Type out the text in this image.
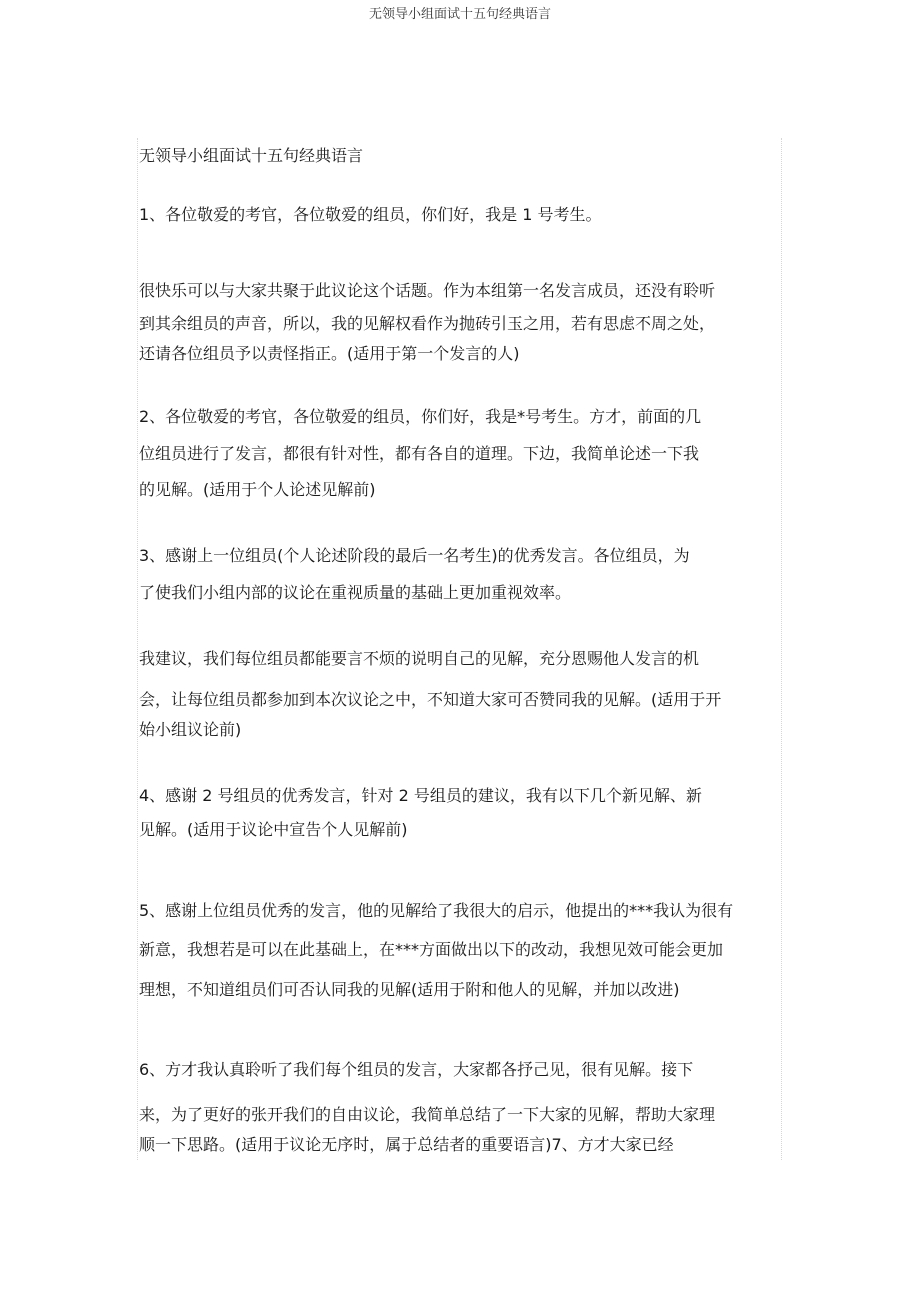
无领导小组面试十五句经典语言
无领导小组面试十五句经典语言
1、各位敬爱的考官，各位敬爱的组员，你们好，我是 1 号考生。
很快乐可以与大家共聚于此议论这个话题。作为本组第一名发言成员，还没有聆听
到其余组员的声音，所以，我的见解权看作为抛砖引玉之用，若有思虑不周之处，
还请各位组员予以责怪指正。(适用于第一个发言的人)
2、各位敬爱的考官，各位敬爱的组员，你们好，我是*号考生。方才，前面的几
位组员进行了发言，都很有针对性，都有各自的道理。下边，我简单论述一下我
的见解。(适用于个人论述见解前)
3、感谢上一位组员(个人论述阶段的最后一名考生)的优秀发言。各位组员，为
了使我们小组内部的议论在重视质量的基础上更加重视效率。
我建议，我们每位组员都能要言不烦的说明自己的见解，充分恩赐他人发言的机
会，让每位组员都参加到本次议论之中，不知道大家可否赞同我的见解。(适用于开
始小组议论前)
4、感谢 2 号组员的优秀发言，针对 2 号组员的建议，我有以下几个新见解、新
见解。(适用于议论中宣告个人见解前)
5、感谢上位组员优秀的发言，他的见解给了我很大的启示，他提出的***我认为很有
新意，我想若是可以在此基础上，在***方面做出以下的改动，我想见效可能会更加
理想，不知道组员们可否认同我的见解(适用于附和他人的见解，并加以改进)
6、方才我认真聆听了我们每个组员的发言，大家都各抒己见，很有见解。接下
来，为了更好的张开我们的自由议论，我简单总结了一下大家的见解，帮助大家理
顺一下思路。(适用于议论无序时，属于总结者的重要语言)7、方才大家已经
